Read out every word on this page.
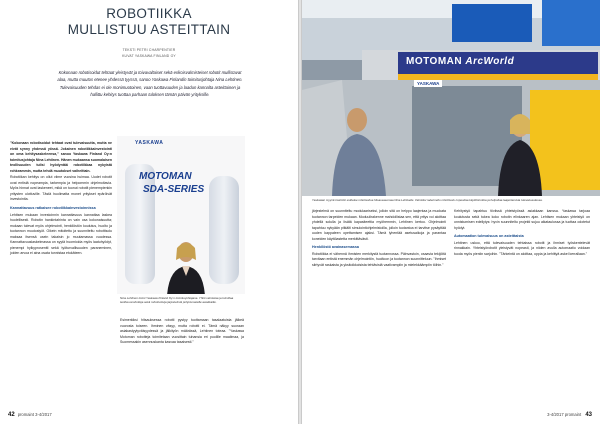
ROBOTIIKKA
MULLISTUU ASTEITTAIN
TEKSTI PETRI CHARPENTIER
KUVAT YASKAWA FINLAND OY
Kokonaan robotisoidut tehtaat yleistyvät ja toivavaltaiset sekä erikoisvalmisteiset robotit mullistavat alaa, mutta muutos etenee yhdessä tyyssä, sanoo Yaskawa Finlandin toimitusjohtaja Nina Lehtinen. Tulevaisuuden tehdas ei ole monimuotoinen, vaan tuottavuuden ja laadun kannalta asteittainen ja hallittu kehitys tuottaa parhaan tuloksen tämän päivän yrityksille.

"Kokonaan robotisoidut tehtaat ovat tulevaisuutta, mutta ne eivät synny yhdessä yössä. Jokainen robotiikkainvestointi on oma kehitysaskeleensa," sanoo Yaskawa Finland Oy:n toimitusjohtaja Nina Lehtinen. Hänen mukaansa suomalaisen teollisuuden tulisi hyödyntää robotiikkaa nykyistä rohkeammin, mutta tehdä muutokset vaiheittain.

Robotiikan kehitys on ollut viime vuosina huimaa. Uudet robotit ovat entistä nopeampia, tarkempia ja helpommin ohjelmoitavia. Myös hinnat ovat laskeneet, mikä on tuonut robotit pienempienkin yritysten ulottuville. Tästä huolimatta monet yritykset epäröivät investointia.

Kannattavuus ratkaisee robotiikkainvestoinnissa

Lehtisen mukaan investoinnin kannattavuus kannattaa laskea huolellisesti. Robotin hankintahinta on vain osa kokonaisuutta; mukaan tulevat myös ohjelmointi, henkilöstön koulutus, huolto ja tuotannon muutostyöt. Oikein mitoitettu ja suunniteltu robottisolu maksaa itsensä usein takaisin jo muutamassa vuodessa. Kannattavuuslaskelmassa on syytä huomioida myös laatuhyödyt, pienempi hylkyprosentti sekä työturvallisuuden paraneminen, joiden arvoa ei aina osata tunnistaa etukäteen.

YASKAWA
MOTOMAN
SDA-SERIES
Nina Lehtinen toimii Yaskawa Finland Oy:n toimitusjohtajana. Yhtiö valmistaa ja toimittaa teollisuusrobotteja sekä robotisoituja järjestelmiä pohjoismaisille asiakkaille.

Esimerkiksi hitsauksessa robotti pystyy tuottamaan tasalaatuista jälkeä vuorosta toiseen. Ihminen väsyy, mutta robotti ei. Tämä näkyy suoraan asiakastyytyväisyydessä ja jälkityön määrässä, Lehtinen toteaa. "Yaskawa Motoman robotteja toimitetaan vuosittain tuhansia eri puolille maailmaa, ja Suomessakin asennuskanta kasvaa tasaisesti."

42 promaint 3-4/2017
MOTOMAN ArcWorld
YASKAWA
Yaskawan myynti-insinööri esittelee robotisoitua hitsausasemaa Nina Lehtiselle. Valmiiksi rakennettu robottisolu nopeuttaa käyttöönottoa ja helpottaa laajentamista tulevaisuudessa.

järjestelmä on suunniteltu modulaariseksi, jolloin sitä on helppo laajentaa ja muokata tuotannon tarpeiden mukaan. Moduulirakenne mahdollistaa sen, että yritys voi aloittaa yhdellä solulla ja lisätä kapasiteettia myöhemmin, Lehtinen kertoo. Ohjelmointi tapahtuu nykyään pitkälti simulointiohjelmistoilla, jolloin tuotantoa ei tarvitse pysäyttää uuden kappaleen opettamisen ajaksi. Tämä lyhentää asetusaikoja ja parantaa koneiden käyttöastetta merkittävästi.

Henkilöstö avainasemassa

Robotiikka ei vähennä ihmisten merkitystä tuotannossa. Päinvastoin, osaavia tekijöitä tarvitaan entistä enemmän ohjelmointiin, huoltoon ja tuotannon suunnitteluun. "Ihmiset siirtyvät raskaista ja yksitoikkoisista tehtävistä vaativampiin ja mielekkäämpiin töihin."

Kehitystyö tapahtuu tiiviissä yhteistyössä asiakkaan kanssa. Yaskawa tarjoaa koulutusta sekä tukea koko robotin elinkaaren ajan. Lehtisen mukaan yhteistyö on onnistumisen edellytys: hyvin suunniteltu projekti sujuu aikataulussa ja tuottaa odotetut hyödyt.

Automaation tulevaisuus on asteittaista

Lehtinen uskoo, että tulevaisuuden tehtaissa robotit ja ihmiset työskentelevät rinnakkain. Yhteistyörobotit yleistyvät nopeasti, ja niiden avulla automaatio voidaan tuoda myös pieniin sarjoihin. "Tärkeintä on aloittaa, oppia ja kehittyä askel kerrallaan."

3-4/2017 promaint 43
